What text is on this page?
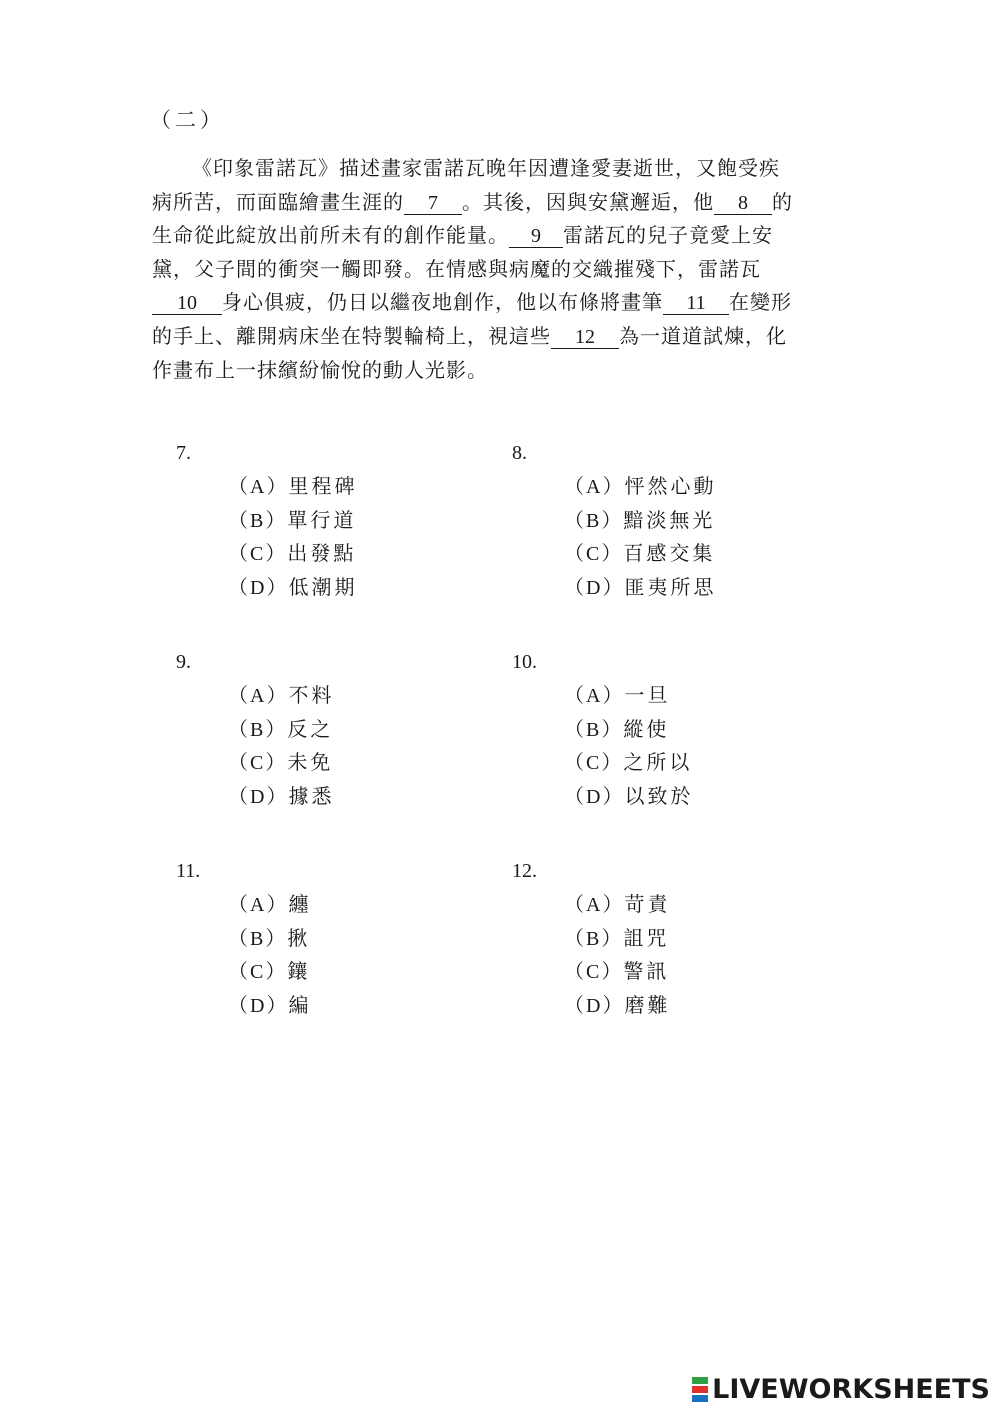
（二）
《印象雷諾瓦》描述畫家雷諾瓦晚年因遭逢愛妻逝世，又飽受疾
病所苦，而面臨繪畫生涯的 7 。其後，因與安黛邂逅，他 8 的
生命從此綻放出前所未有的創作能量。 9 雷諾瓦的兒子竟愛上安
黛，父子間的衝突一觸即發。在情感與病魔的交織摧殘下，雷諾瓦
10 身心俱疲，仍日以繼夜地創作，他以布條將畫筆 11 在變形
的手上、離開病床坐在特製輪椅上，視這些 12 為一道道試煉，化
作畫布上一抹繽紛愉悅的動人光影。
7.
（A）里程碑
（B）單行道
（C）出發點
（D）低潮期
8.
（A）怦然心動
（B）黯淡無光
（C）百感交集
（D）匪夷所思
9.
（A）不料
（B）反之
（C）未免
（D）據悉
10.
（A）一旦
（B）縱使
（C）之所以
（D）以致於
11.
（A）纏
（B）揪
（C）鑲
（D）編
12.
（A）苛責
（B）詛咒
（C）警訊
（D）磨難
LIVEWORKSHEETS
